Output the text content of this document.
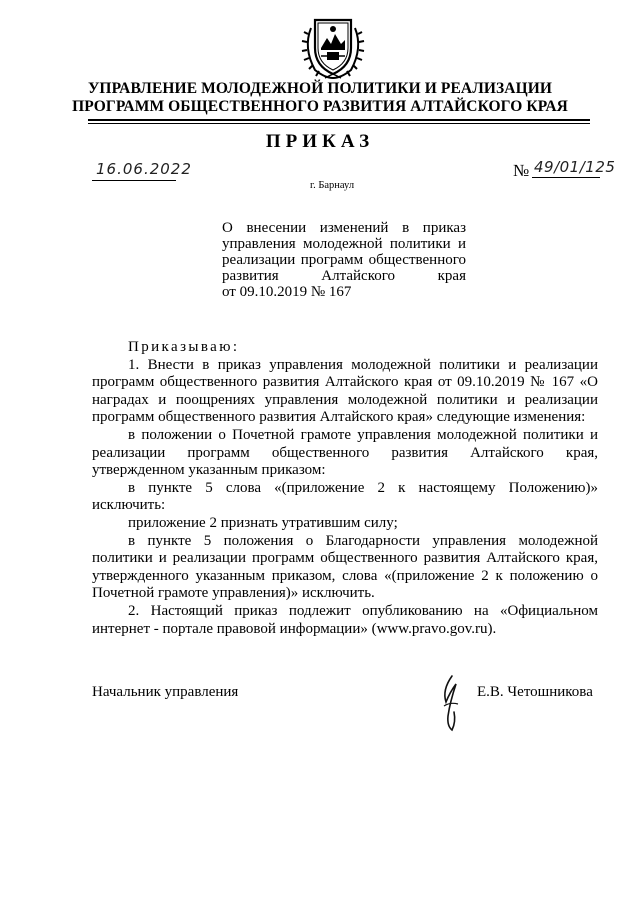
УПРАВЛЕНИЕ МОЛОДЕЖНОЙ ПОЛИТИКИ И РЕАЛИЗАЦИИ
ПРОГРАММ ОБЩЕСТВЕННОГО РАЗВИТИЯ АЛТАЙСКОГО КРАЯ
ПРИКАЗ
16.06.2022	№ 49/01/125
г. Барнаул
О внесении изменений в приказ
управления молодежной политики и
реализации программ общественного
развития Алтайского края
от 09.10.2019 № 167

Приказываю:

1. Внести в приказ управления молодежной политики и реализации программ общественного развития Алтайского края от 09.10.2019 № 167 «О наградах и поощрениях управления молодежной политики и реализации программ общественного развития Алтайского края» следующие изменения:

в положении о Почетной грамоте управления молодежной политики и реализации программ общественного развития Алтайского края, утвержденном указанным приказом:

в пункте 5 слова «(приложение 2 к настоящему Положению)» исключить:

приложение 2 признать утратившим силу;

в пункте 5 положения о Благодарности управления молодежной политики и реализации программ общественного развития Алтайского края, утвержденного указанным приказом, слова «(приложение 2 к положению о Почетной грамоте управления)» исключить.

2. Настоящий приказ подлежит опубликованию на «Официальном интернет - портале правовой информации» (www.pravo.gov.ru).

Начальник управления	Е.В. Четошникова
